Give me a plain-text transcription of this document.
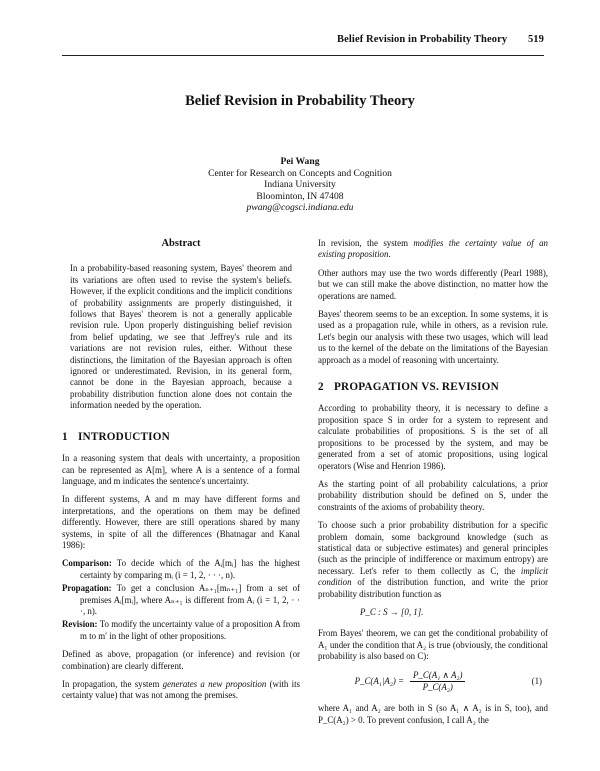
Belief Revision in Probability Theory 519
Belief Revision in Probability Theory
Pei Wang
Center for Research on Concepts and Cognition
Indiana University
Bloominton, IN 47408
pwang@cogsci.indiana.edu
Abstract

In a probability-based reasoning system, Bayes' theorem and its variations are often used to revise the system's beliefs. However, if the explicit conditions and the implicit conditions of probability assignments are properly distinguished, it follows that Bayes' theorem is not a generally applicable revision rule. Upon properly distinguishing belief revision from belief updating, we see that Jeffrey's rule and its variations are not revision rules, either. Without these distinctions, the limitation of the Bayesian approach is often ignored or underestimated. Revision, in its general form, cannot be done in the Bayesian approach, because a probability distribution function alone does not contain the information needed by the operation.

1 INTRODUCTION

In a reasoning system that deals with uncertainty, a proposition can be represented as A[m], where A is a sentence of a formal language, and m indicates the sentence's uncertainty.

In different systems, A and m may have different forms and interpretations, and the operations on them may be defined differently. However, there are still operations shared by many systems, in spite of all the differences (Bhatnagar and Kanal 1986):

Comparison: To decide which of the Aᵢ[mᵢ] has the highest certainty by comparing mᵢ (i = 1, 2, · · ·, n).
Propagation: To get a conclusion Aₙ₊₁[mₙ₊₁] from a set of premises Aᵢ[mᵢ], where Aₙ₊₁ is different from Aᵢ (i = 1, 2, · · ·, n).
Revision: To modify the uncertainty value of a proposition A from m to m′ in the light of other propositions.

Defined as above, propagation (or inference) and revision (or combination) are clearly different.

In propagation, the system generates a new proposition (with its certainty value) that was not among the premises.

In revision, the system modifies the certainty value of an existing proposition.

Other authors may use the two words differently (Pearl 1988), but we can still make the above distinction, no matter how the operations are named.

Bayes' theorem seems to be an exception. In some systems, it is used as a propagation rule, while in others, as a revision rule. Let's begin our analysis with these two usages, which will lead us to the kernel of the debate on the limitations of the Bayesian approach as a model of reasoning with uncertainty.

2 PROPAGATION VS. REVISION

According to probability theory, it is necessary to define a proposition space S in order for a system to represent and calculate probabilities of propositions. S is the set of all propositions to be processed by the system, and may be generated from a set of atomic propositions, using logical operators (Wise and Henrion 1986).

As the starting point of all probability calculations, a prior probability distribution should be defined on S, under the constraints of the axioms of probability theory.

To choose such a prior probability distribution for a specific problem domain, some background knowledge (such as statistical data or subjective estimates) and general principles (such as the principle of indifference or maximum entropy) are necessary. Let's refer to them collectly as C, the implicit condition of the distribution function, and write the prior probability distribution function as

P_C : S → [0, 1].

From Bayes' theorem, we can get the conditional probability of A₁ under the condition that A₂ is true (obviously, the conditional probability is also based on C):

P_C(A₁|A₂) = $\frac{\text{P\_C(A₁ ∧ A₂)}}{\text{P\_C(A₂)}}$	(1)

where A₁ and A₂ are both in S (so A₁ ∧ A₂ is in S, too), and P_C(A₂) > 0. To prevent confusion, I call A₂ the
